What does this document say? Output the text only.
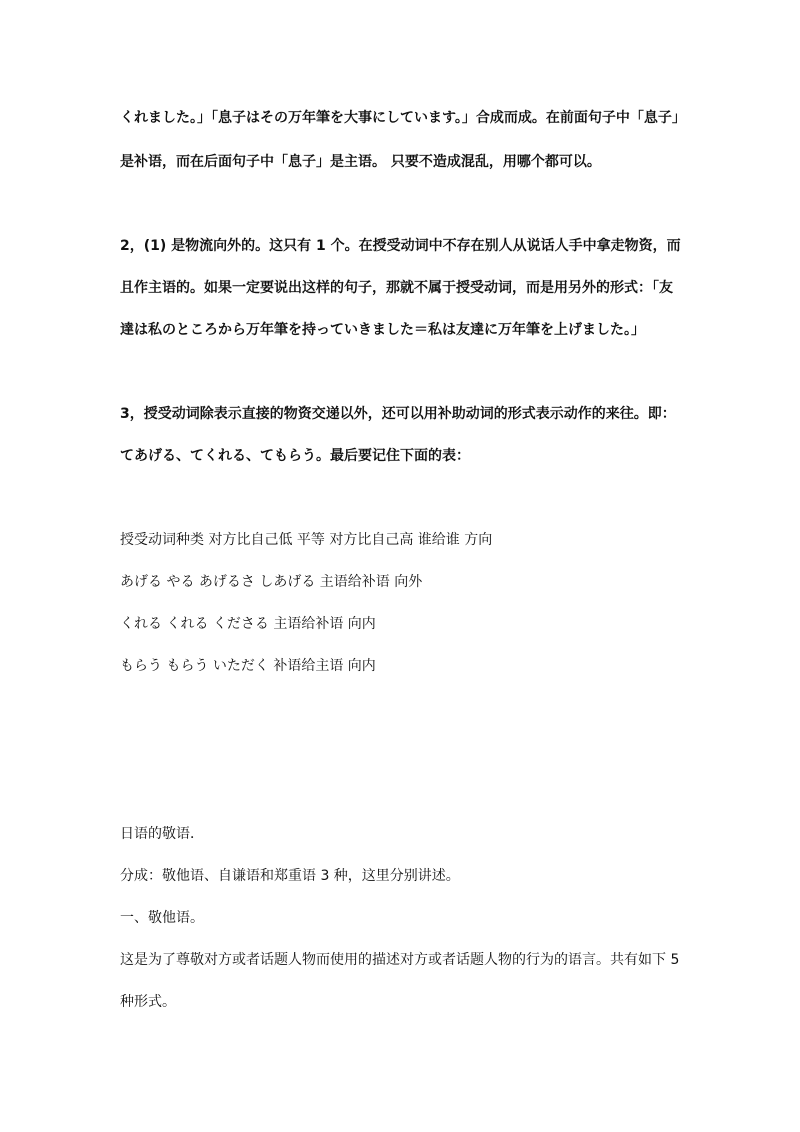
くれました。」「息子はその万年筆を大事にしています。」合成而成。在前面句子中「息子」
是补语，而在后面句子中「息子」是主语。 只要不造成混乱，用哪个都可以。
2，(1) 是物流向外的。这只有 1 个。在授受动词中不存在别人从说话人手中拿走物资，而
且作主语的。如果一定要说出这样的句子，那就不属于授受动词，而是用另外的形式：「友
達は私のところから万年筆を持っていきました＝私は友達に万年筆を上げました。」
3，授受动词除表示直接的物资交递以外，还可以用补助动词的形式表示动作的来往。即：
てあげる、てくれる、てもらう。最后要记住下面的表：
授受动词种类 对方比自己低 平等 对方比自己高 谁给谁 方向
あげる やる あげるさ しあげる 主语给补语 向外
くれる くれる くださる 主语给补语 向内
もらう もらう いただく 补语给主语 向内
日语的敬语．
分成：敬他语、自谦语和郑重语 3 种，这里分别讲述。
一、敬他语。
这是为了尊敬对方或者话题人物而使用的描述对方或者话题人物的行为的语言。共有如下 5
种形式。
